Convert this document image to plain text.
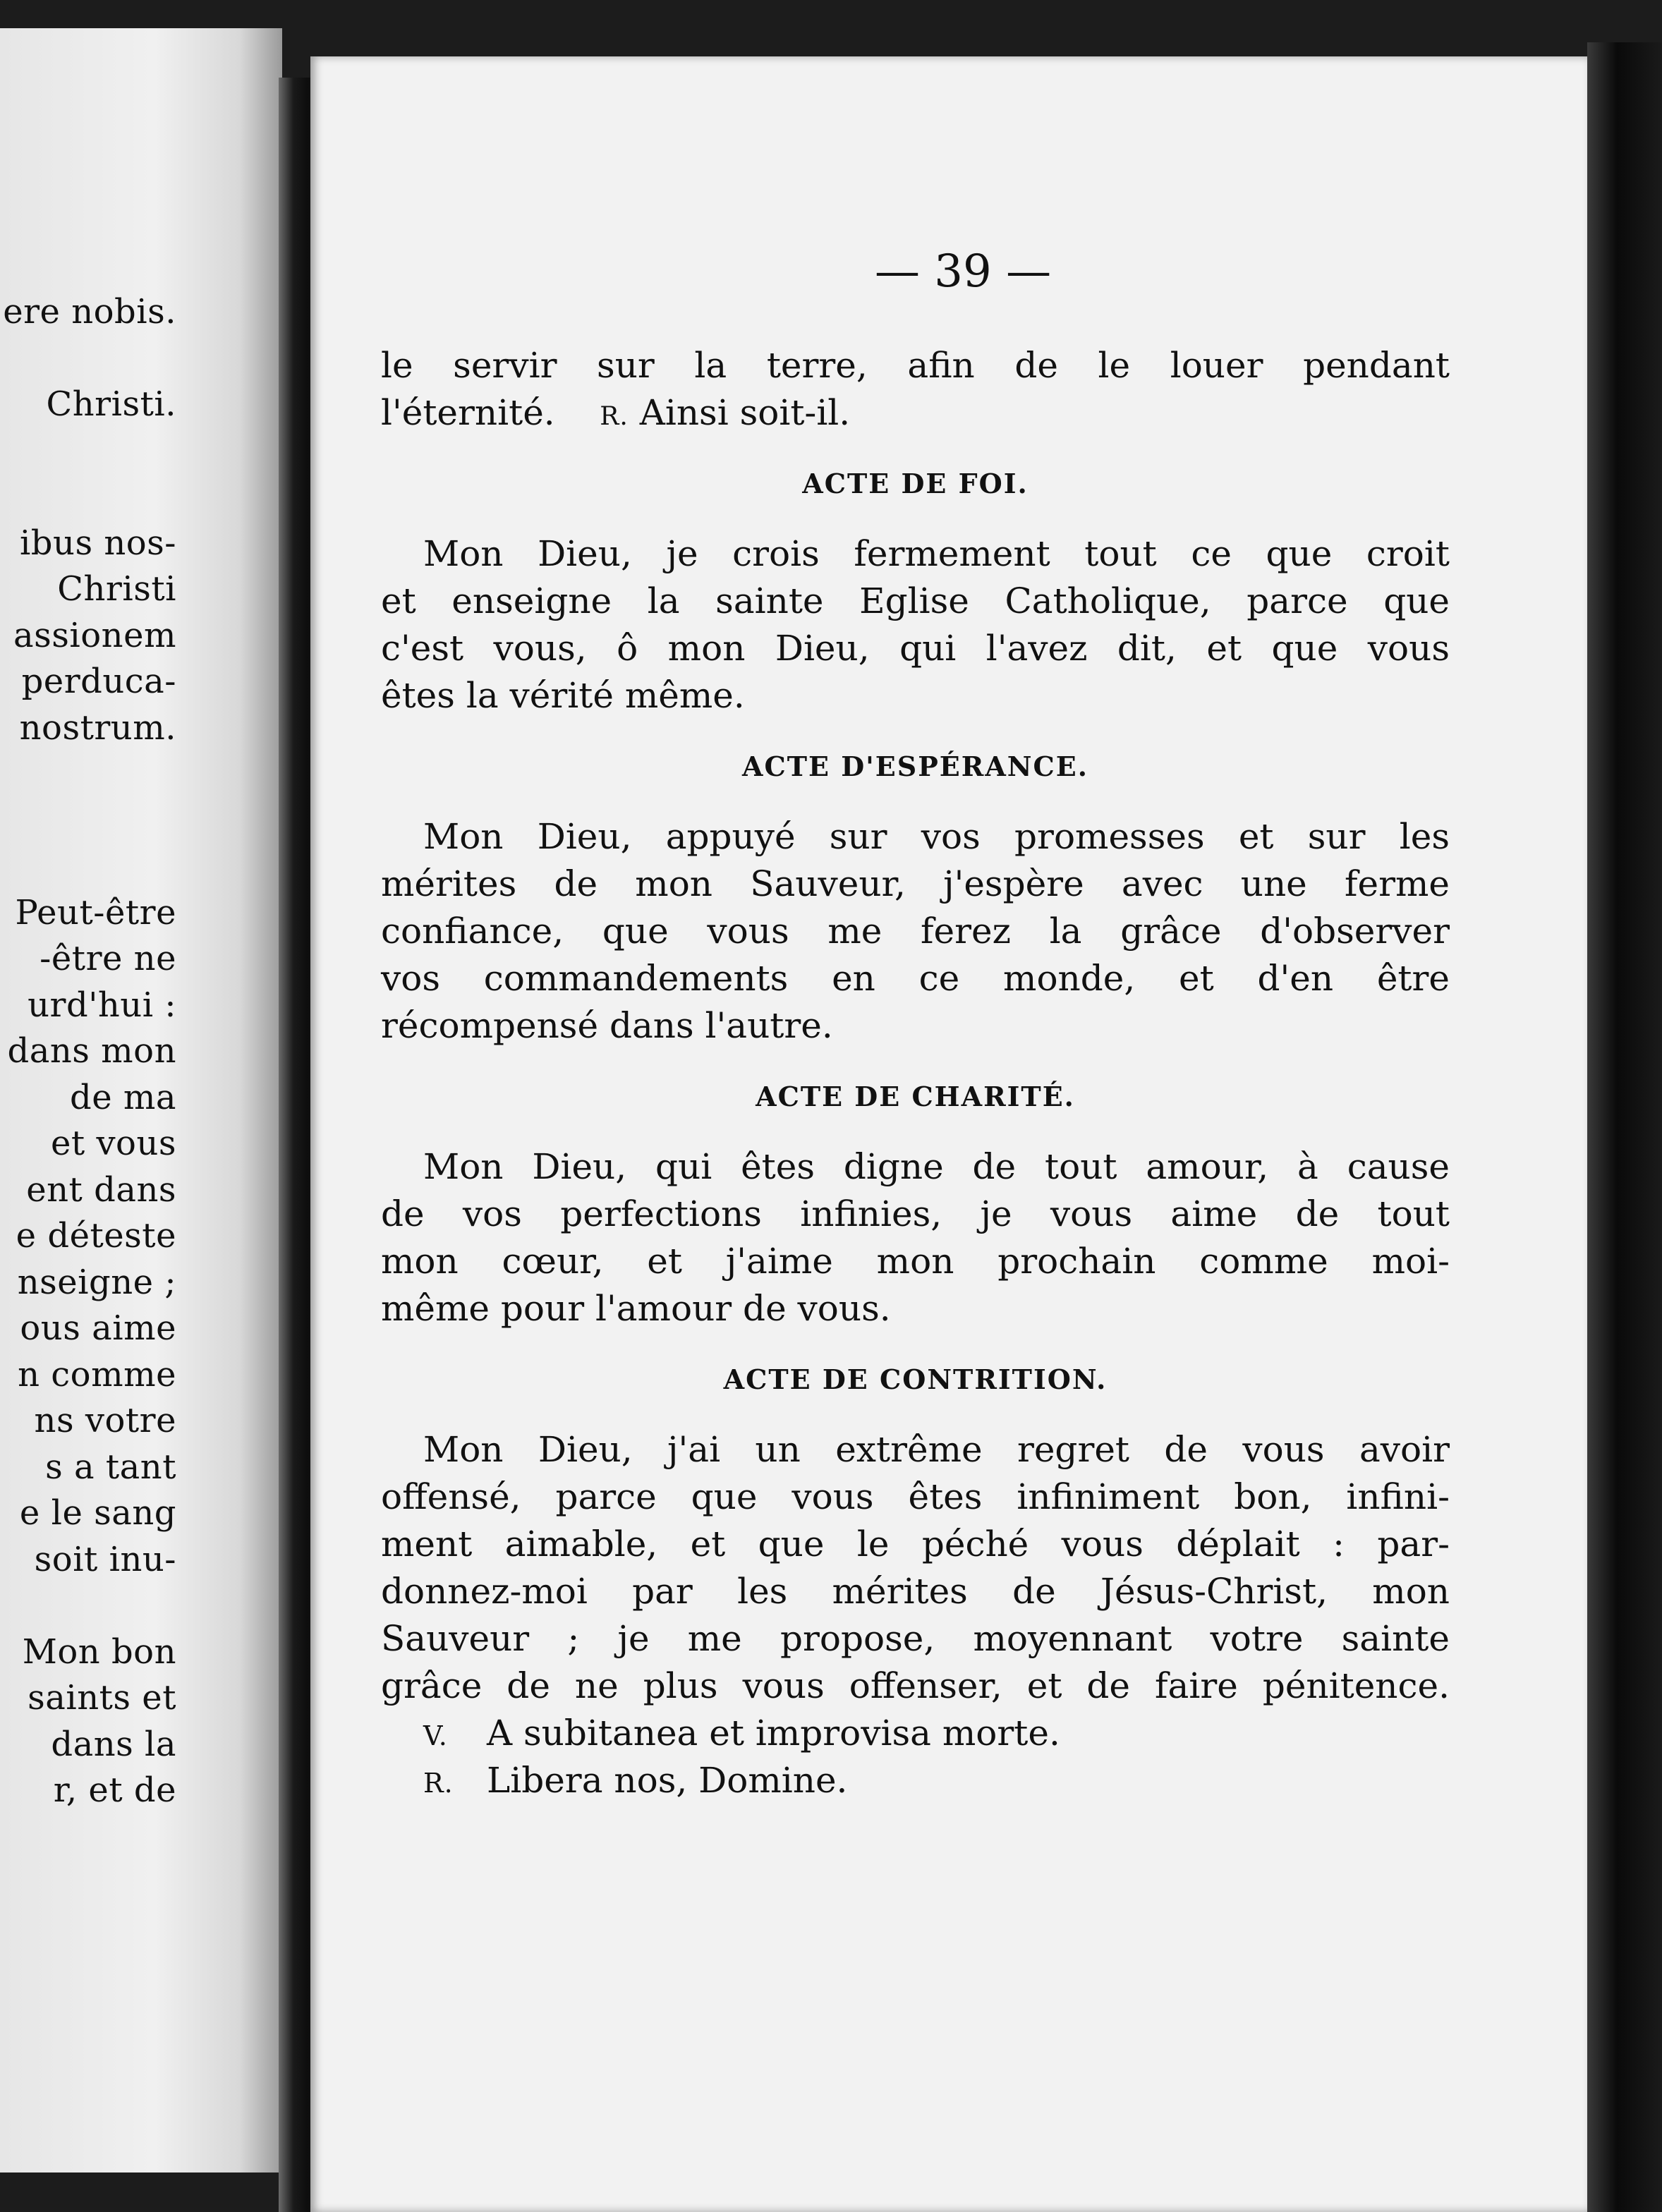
ere nobis.
Christi.
ibus nos-
Christi
assionem
perduca-
nostrum.
Peut-être
-être ne
urd'hui :
dans mon
de ma
et vous
ent dans
e déteste
nseigne ;
ous aime
n comme
ns votre
s a tant
e le sang
soit inu-
Mon bon
saints et
dans la
r, et de
— 39 —
le servir sur la terre, afin de le louer pendant
l'éternité. R. Ainsi soit-il.
ACTE DE FOI.
Mon Dieu, je crois fermement tout ce que croit
et enseigne la sainte Eglise Catholique, parce que
c'est vous, ô mon Dieu, qui l'avez dit, et que vous
êtes la vérité même.
ACTE D'ESPÉRANCE.
Mon Dieu, appuyé sur vos promesses et sur les
mérites de mon Sauveur, j'espère avec une ferme
confiance, que vous me ferez la grâce d'observer
vos commandements en ce monde, et d'en être
récompensé dans l'autre.
ACTE DE CHARITÉ.
Mon Dieu, qui êtes digne de tout amour, à cause
de vos perfections infinies, je vous aime de tout
mon cœur, et j'aime mon prochain comme moi-
même pour l'amour de vous.
ACTE DE CONTRITION.
Mon Dieu, j'ai un extrême regret de vous avoir
offensé, parce que vous êtes infiniment bon, infini-
ment aimable, et que le péché vous déplait : par-
donnez-moi par les mérites de Jésus-Christ, mon
Sauveur ; je me propose, moyennant votre sainte
grâce de ne plus vous offenser, et de faire pénitence.
V. A subitanea et improvisa morte.
R. Libera nos, Domine.
